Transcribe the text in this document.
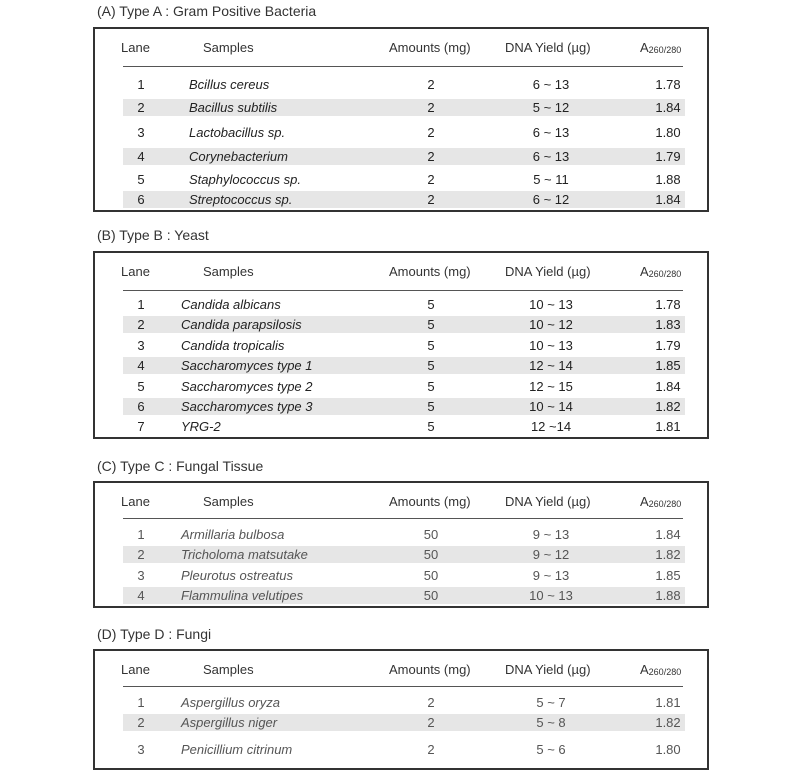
(A) Type A : Gram Positive Bacteria
(B) Type B : Yeast
(C) Type C : Fungal Tissue
(D) Type D : Fungi
Lane	Samples	Amounts (mg)	DNA Yield (µg)	$A_{260/280}$
1	Bcillus cereus	2	6 ~ 13	1.78
2	Bacillus subtilis	2	5 ~ 12	1.84
3	Lactobacillus sp.	2	6 ~ 13	1.80
4	Corynebacterium	2	6 ~ 13	1.79
5	Staphylococcus sp.	2	5 ~ 11	1.88
6	Streptococcus sp.	2	6 ~ 12	1.84
Lane	Samples	Amounts (mg)	DNA Yield (µg)	$A_{260/280}$
1	Candida albicans	5	10 ~ 13	1.78
2	Candida parapsilosis	5	10 ~ 12	1.83
3	Candida tropicalis	5	10 ~ 13	1.79
4	Saccharomyces type 1	5	12 ~ 14	1.85
5	Saccharomyces type 2	5	12 ~ 15	1.84
6	Saccharomyces type 3	5	10 ~ 14	1.82
7	YRG-2	5	12 ~14	1.81
Lane	Samples	Amounts (mg)	DNA Yield (µg)	$A_{260/280}$
1	Armillaria bulbosa	50	9 ~ 13	1.84
2	Tricholoma matsutake	50	9 ~ 12	1.82
3	Pleurotus ostreatus	50	9 ~ 13	1.85
4	Flammulina velutipes	50	10 ~ 13	1.88
Lane	Samples	Amounts (mg)	DNA Yield (µg)	$A_{260/280}$
1	Aspergillus oryza	2	5 ~ 7	1.81
2	Aspergillus niger	2	5 ~ 8	1.82
3	Penicillium citrinum	2	5 ~ 6	1.80
